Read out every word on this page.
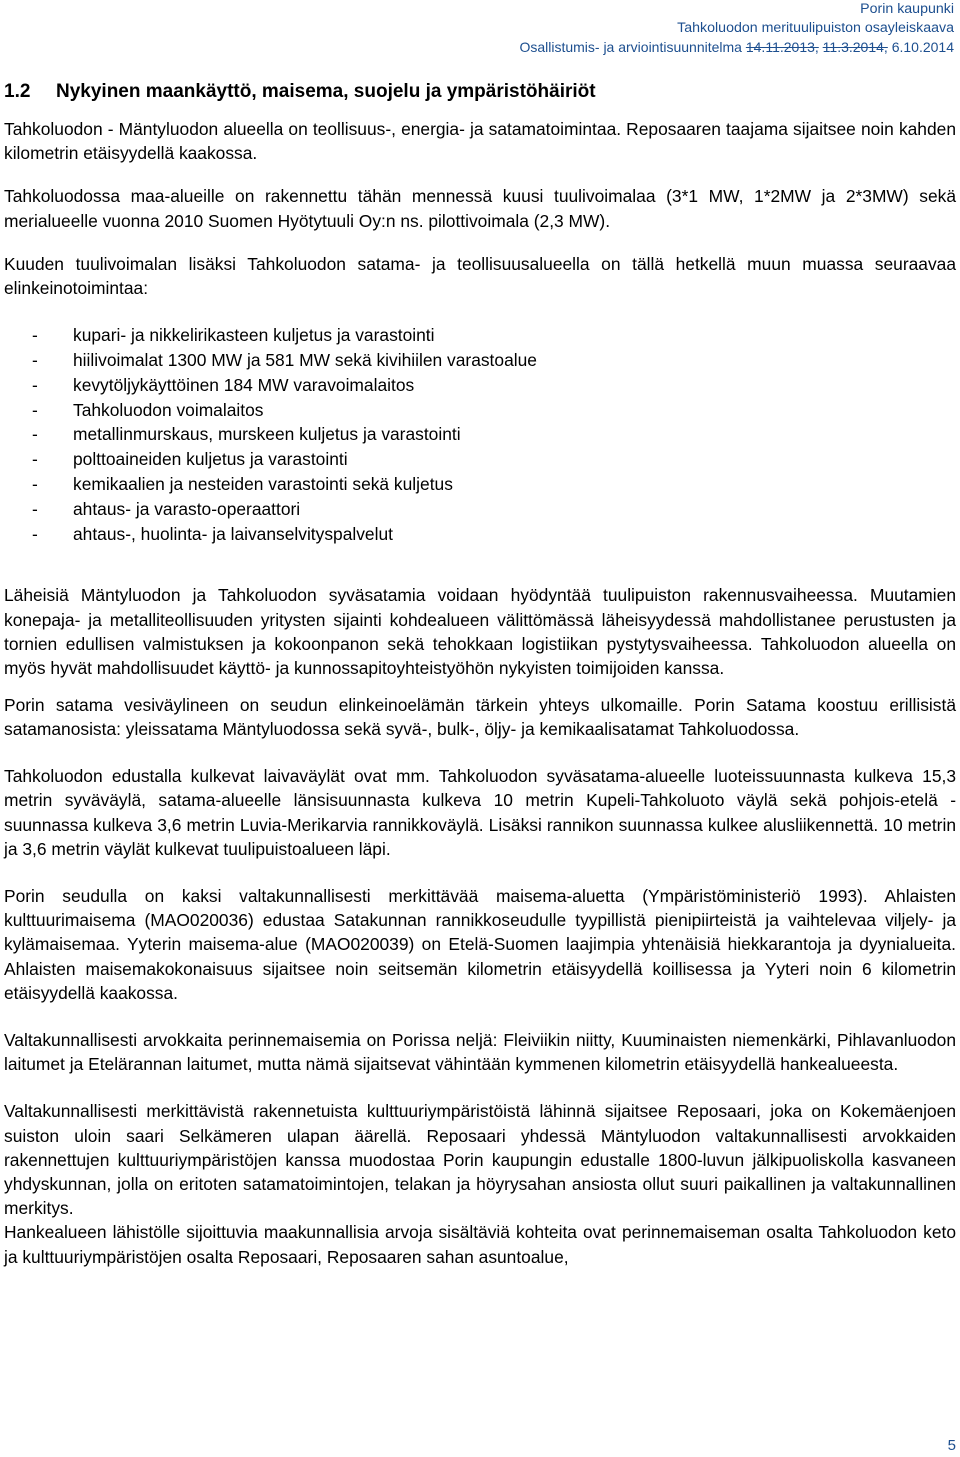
Porin kaupunki
Tahkoluodon merituulipuiston osayleiskaava
Osallistumis- ja arviointisuunnitelma 14.11.2013, 11.3.2014, 6.10.2014
1.2 Nykyinen maankäyttö, maisema, suojelu ja ympäristöhäiriöt

Tahkoluodon - Mäntyluodon alueella on teollisuus-, energia- ja satamatoimintaa. Reposaaren taajama sijaitsee noin kahden kilometrin etäisyydellä kaakossa.

Tahkoluodossa maa-alueille on rakennettu tähän mennessä kuusi tuulivoimalaa (3*1 MW, 1*2MW ja 2*3MW) sekä merialueelle vuonna 2010 Suomen Hyötytuuli Oy:n ns. pilottivoimala (2,3 MW).

Kuuden tuulivoimalan lisäksi Tahkoluodon satama- ja teollisuusalueella on tällä hetkellä muun muassa seuraavaa elinkeinotoimintaa:

- kupari- ja nikkelirikasteen kuljetus ja varastointi
- hiilivoimalat 1300 MW ja 581 MW sekä kivihiilen varastoalue
- kevytöljykäyttöinen 184 MW varavoimalaitos
- Tahkoluodon voimalaitos
- metallinmurskaus, murskeen kuljetus ja varastointi
- polttoaineiden kuljetus ja varastointi
- kemikaalien ja nesteiden varastointi sekä kuljetus
- ahtaus- ja varasto-operaattori
- ahtaus-, huolinta- ja laivanselvityspalvelut

Läheisiä Mäntyluodon ja Tahkoluodon syväsatamia voidaan hyödyntää tuulipuiston rakennusvaiheessa. Muutamien konepaja- ja metalliteollisuuden yritysten sijainti kohdealueen välittömässä läheisyydessä mahdollistanee perustusten ja tornien edullisen valmistuksen ja kokoonpanon sekä tehokkaan logistiikan pystytysvaiheessa. Tahkoluodon alueella on myös hyvät mahdollisuudet käyttö- ja kunnossapitoyhteistyöhön nykyisten toimijoiden kanssa.

Porin satama vesiväylineen on seudun elinkeinoelämän tärkein yhteys ulkomaille. Porin Satama koostuu erillisistä satamanosista: yleissatama Mäntyluodossa sekä syvä-, bulk-, öljy- ja kemikaalisatamat Tahkoluodossa.

Tahkoluodon edustalla kulkevat laivaväylät ovat mm. Tahkoluodon syväsatama-alueelle luoteissuunnasta kulkeva 15,3 metrin syväväylä, satama-alueelle länsisuunnasta kulkeva 10 metrin Kupeli-Tahkoluoto väylä sekä pohjois-etelä -suunnassa kulkeva 3,6 metrin Luvia-Merikarvia rannikkoväylä. Lisäksi rannikon suunnassa kulkee alusliikennettä. 10 metrin ja 3,6 metrin väylät kulkevat tuulipuistoalueen läpi.

Porin seudulla on kaksi valtakunnallisesti merkittävää maisema-aluetta (Ympäristöministeriö 1993). Ahlaisten kulttuurimaisema (MAO020036) edustaa Satakunnan rannikkoseudulle tyypillistä pienipiirteistä ja vaihtelevaa viljely- ja kylämaisemaa. Yyterin maisema-alue (MAO020039) on Etelä-Suomen laajimpia yhtenäisiä hiekkarantoja ja dyynialueita. Ahlaisten maisemakokonaisuus sijaitsee noin seitsemän kilometrin etäisyydellä koillisessa ja Yyteri noin 6 kilometrin etäisyydellä kaakossa.

Valtakunnallisesti arvokkaita perinnemaisemia on Porissa neljä: Fleiviikin niitty, Kuuminaisten niemenkärki, Pihlavanluodon laitumet ja Etelärannan laitumet, mutta nämä sijaitsevat vähintään kymmenen kilometrin etäisyydellä hankealueesta.

Valtakunnallisesti merkittävistä rakennetuista kulttuuriympäristöistä lähinnä sijaitsee Reposaari, joka on Kokemäenjoen suiston uloin saari Selkämeren ulapan äärellä. Reposaari yhdessä Mäntyluodon valtakunnallisesti arvokkaiden rakennettujen kulttuuriympäristöjen kanssa muodostaa Porin kaupungin edustalle 1800-luvun jälkipuoliskolla kasvaneen yhdyskunnan, jolla on eritoten satamatoimintojen, telakan ja höyrysahan ansiosta ollut suuri paikallinen ja valtakunnallinen merkitys.

Hankealueen lähistölle sijoittuvia maakunnallisia arvoja sisältäviä kohteita ovat perinnemaiseman osalta Tahkoluodon keto ja kulttuuriympäristöjen osalta Reposaari, Reposaaren sahan asuntoalue,

5
